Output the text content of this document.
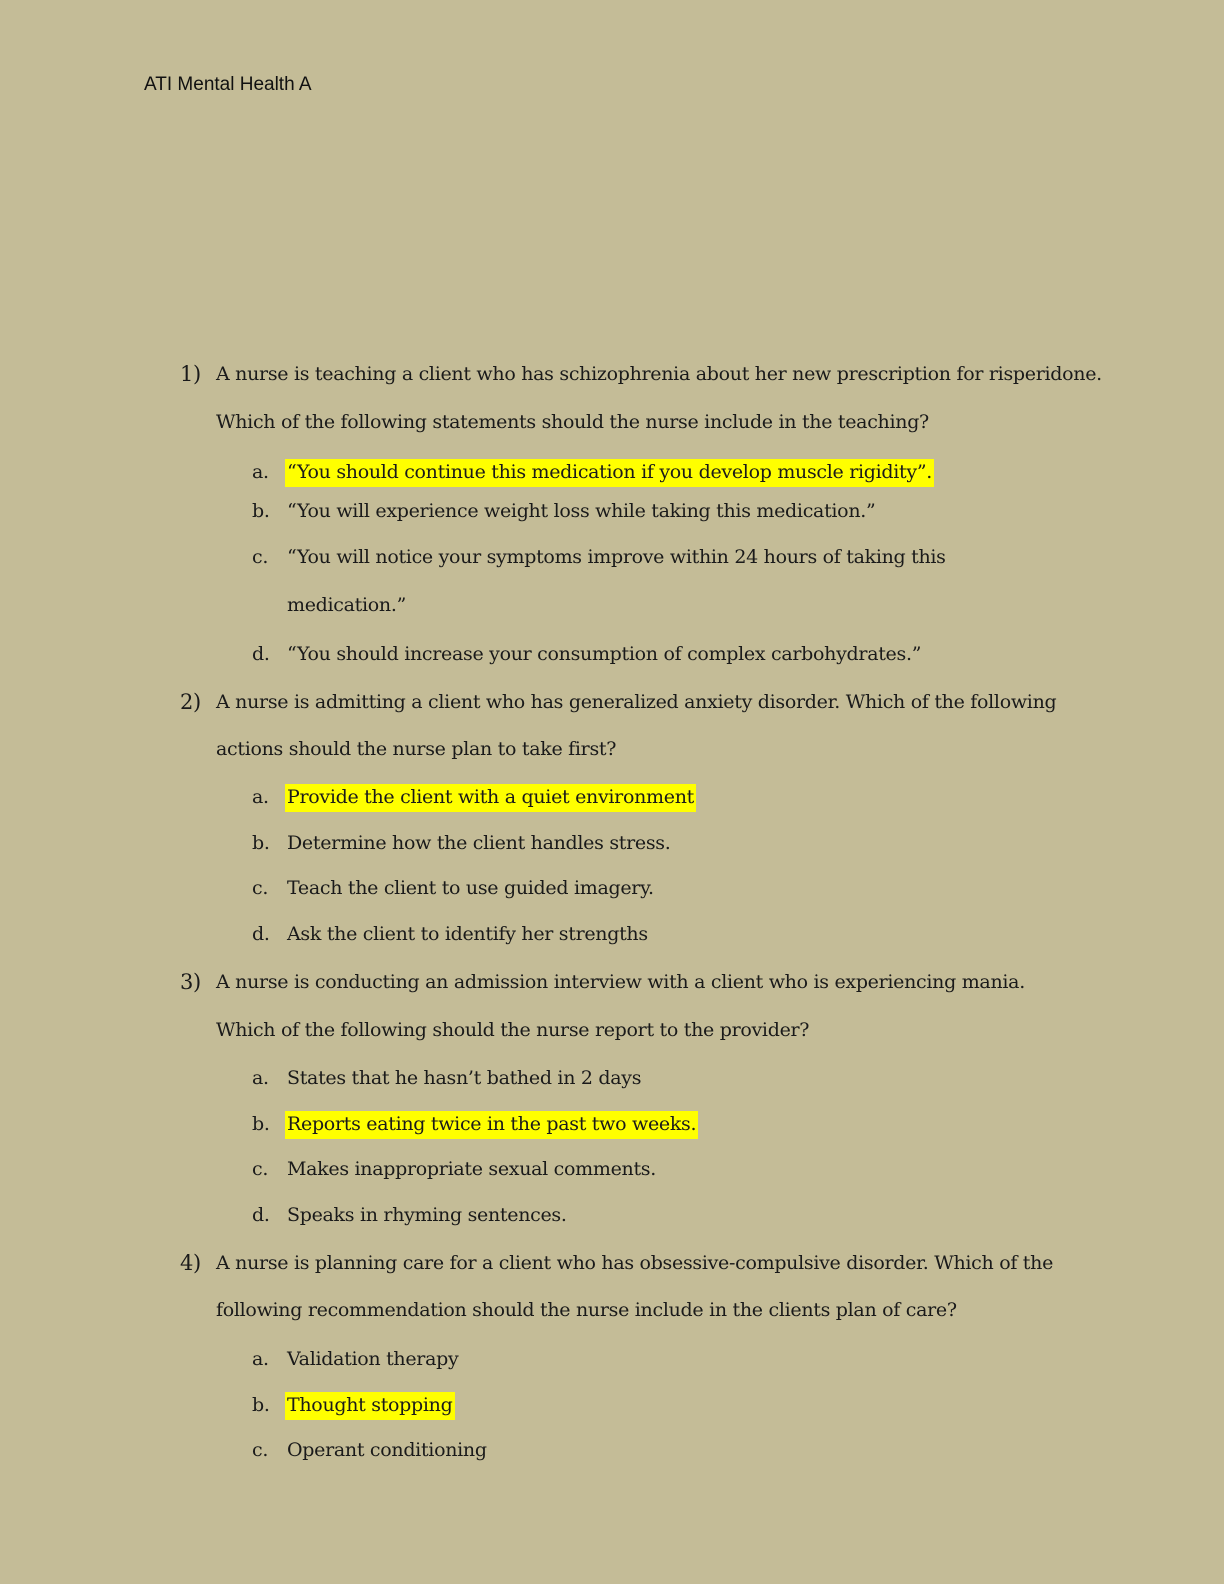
ATI Mental Health A
1) A nurse is teaching a client who has schizophrenia about her new prescription for risperidone.
Which of the following statements should the nurse include in the teaching?
a. “You should continue this medication if you develop muscle rigidity”.
b. “You will experience weight loss while taking this medication.”
c. “You will notice your symptoms improve within 24 hours of taking this
medication.”
d. “You should increase your consumption of complex carbohydrates.”
2) A nurse is admitting a client who has generalized anxiety disorder. Which of the following
actions should the nurse plan to take first?
a. Provide the client with a quiet environment
b. Determine how the client handles stress.
c. Teach the client to use guided imagery.
d. Ask the client to identify her strengths
3) A nurse is conducting an admission interview with a client who is experiencing mania.
Which of the following should the nurse report to the provider?
a. States that he hasn’t bathed in 2 days
b. Reports eating twice in the past two weeks.
c. Makes inappropriate sexual comments.
d. Speaks in rhyming sentences.
4) A nurse is planning care for a client who has obsessive-compulsive disorder. Which of the
following recommendation should the nurse include in the clients plan of care?
a. Validation therapy
b. Thought stopping
c. Operant conditioning
